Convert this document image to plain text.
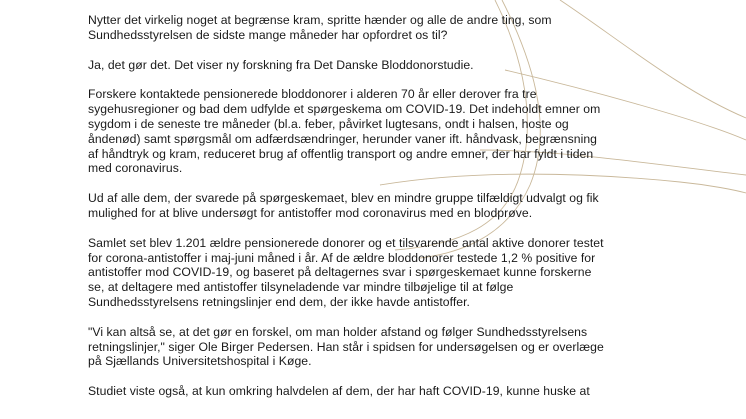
Nytter det virkelig noget at begrænse kram, spritte hænder og alle de andre ting, som
Sundhedsstyrelsen de sidste mange måneder har opfordret os til?

Ja, det gør det. Det viser ny forskning fra Det Danske Bloddonorstudie.

Forskere kontaktede pensionerede bloddonorer i alderen 70 år eller derover fra tre
sygehusregioner og bad dem udfylde et spørgeskema om COVID-19. Det indeholdt emner om
sygdom i de seneste tre måneder (bl.a. feber, påvirket lugtesans, ondt i halsen, hoste og
åndenød) samt spørgsmål om adfærdsændringer, herunder vaner ift. håndvask, begrænsning
af håndtryk og kram, reduceret brug af offentlig transport og andre emner, der har fyldt i tiden
med coronavirus.

Ud af alle dem, der svarede på spørgeskemaet, blev en mindre gruppe tilfældigt udvalgt og fik
mulighed for at blive undersøgt for antistoffer mod coronavirus med en blodprøve.

Samlet set blev 1.201 ældre pensionerede donorer og et tilsvarende antal aktive donorer testet
for corona-antistoffer i maj-juni måned i år. Af de ældre bloddonorer testede 1,2 % positive for
antistoffer mod COVID-19, og baseret på deltagernes svar i spørgeskemaet kunne forskerne
se, at deltagere med antistoffer tilsyneladende var mindre tilbøjelige til at følge
Sundhedsstyrelsens retningslinjer end dem, der ikke havde antistoffer.

"Vi kan altså se, at det gør en forskel, om man holder afstand og følger Sundhedsstyrelsens
retningslinjer," siger Ole Birger Pedersen. Han står i spidsen for undersøgelsen og er overlæge
på Sjællands Universitetshospital i Køge.

Studiet viste også, at kun omkring halvdelen af dem, der har haft COVID-19, kunne huske at
